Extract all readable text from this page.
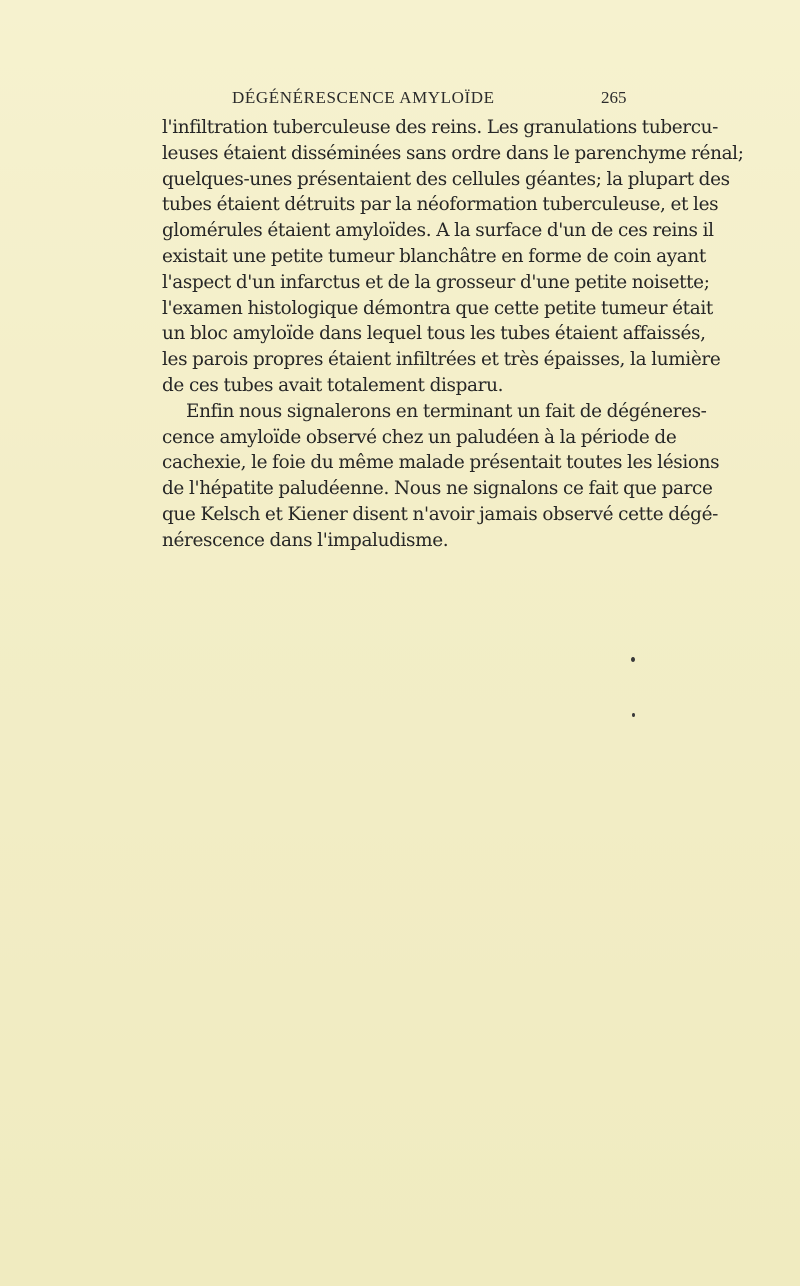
DÉGÉNÉRESCENCE AMYLOÏDE	265
l'infiltration tuberculeuse des reins. Les granulations tubercu-
leuses étaient disséminées sans ordre dans le parenchyme rénal;
quelques-unes présentaient des cellules géantes; la plupart des
tubes étaient détruits par la néoformation tuberculeuse, et les
glomérules étaient amyloïdes. A la surface d'un de ces reins il
existait une petite tumeur blanchâtre en forme de coin ayant
l'aspect d'un infarctus et de la grosseur d'une petite noisette;
l'examen histologique démontra que cette petite tumeur était
un bloc amyloïde dans lequel tous les tubes étaient affaissés,
les parois propres étaient infiltrées et très épaisses, la lumière
de ces tubes avait totalement disparu.
Enfin nous signalerons en terminant un fait de dégéneres-
cence amyloïde observé chez un paludéen à la période de
cachexie, le foie du même malade présentait toutes les lésions
de l'hépatite paludéenne. Nous ne signalons ce fait que parce
que Kelsch et Kiener disent n'avoir jamais observé cette dégé-
nérescence dans l'impaludisme.
